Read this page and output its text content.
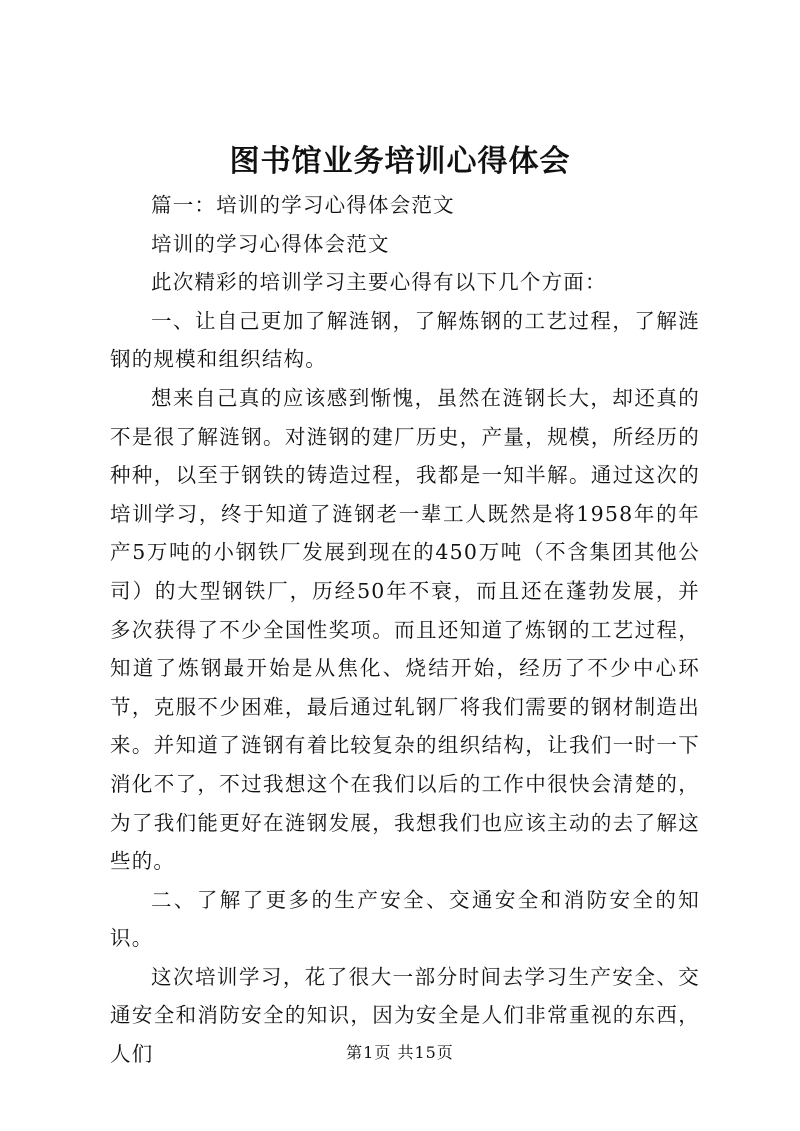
图书馆业务培训心得体会

篇一：培训的学习心得体会范文

培训的学习心得体会范文

此次精彩的培训学习主要心得有以下几个方面：

一、让自己更加了解涟钢，了解炼钢的工艺过程，了解涟钢的规模和组织结构。

想来自己真的应该感到惭愧，虽然在涟钢长大，却还真的不是很了解涟钢。对涟钢的建厂历史，产量，规模，所经历的种种，以至于钢铁的铸造过程，我都是一知半解。通过这次的培训学习，终于知道了涟钢老一辈工人既然是将1958年的年产5万吨的小钢铁厂发展到现在的450万吨（不含集团其他公司）的大型钢铁厂，历经50年不衰，而且还在蓬勃发展，并多次获得了不少全国性奖项。而且还知道了炼钢的工艺过程，知道了炼钢最开始是从焦化、烧结开始，经历了不少中心环节，克服不少困难，最后通过轧钢厂将我们需要的钢材制造出来。并知道了涟钢有着比较复杂的组织结构，让我们一时一下消化不了，不过我想这个在我们以后的工作中很快会清楚的，为了我们能更好在涟钢发展，我想我们也应该主动的去了解这些的。

二、了解了更多的生产安全、交通安全和消防安全的知识。

这次培训学习，花了很大一部分时间去学习生产安全、交通安全和消防安全的知识，因为安全是人们非常重视的东西，人们	第1页 共15页
